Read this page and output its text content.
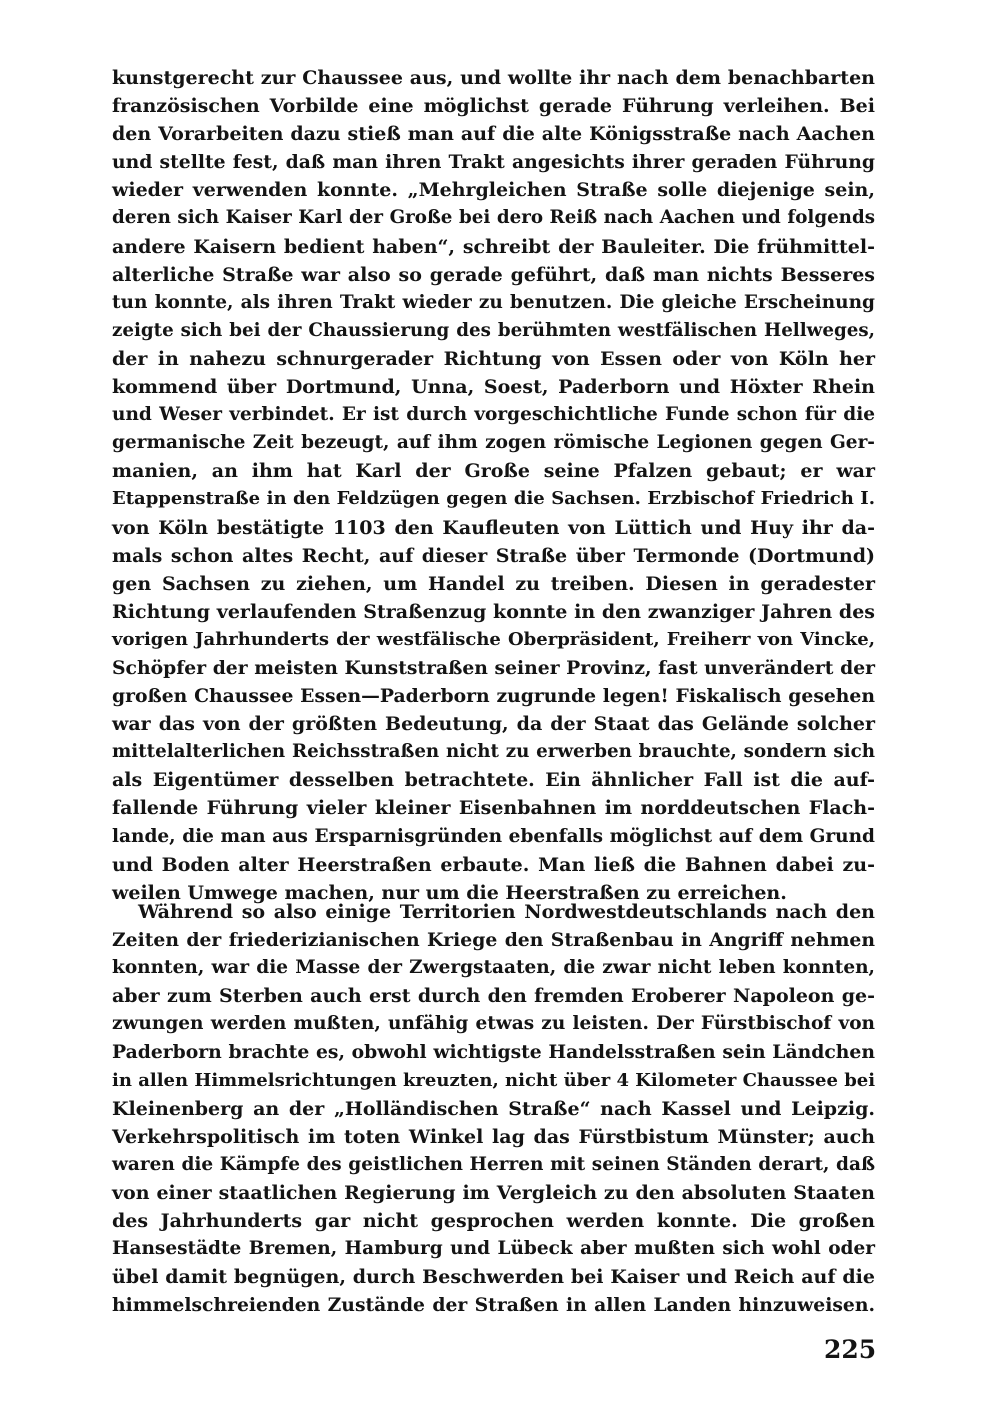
kunstgerecht zur Chaussee aus, und wollte ihr nach dem benachbarten
französischen Vorbilde eine möglichst gerade Führung verleihen. Bei
den Vorarbeiten dazu stieß man auf die alte Königsstraße nach Aachen
und stellte fest, daß man ihren Trakt angesichts ihrer geraden Führung
wieder verwenden konnte. „Mehrgleichen Straße solle diejenige sein,
deren sich Kaiser Karl der Große bei dero Reiß nach Aachen und folgends
andere Kaisern bedient haben“, schreibt der Bauleiter. Die frühmittel-
alterliche Straße war also so gerade geführt, daß man nichts Besseres
tun konnte, als ihren Trakt wieder zu benutzen. Die gleiche Erscheinung
zeigte sich bei der Chaussierung des berühmten westfälischen Hellweges,
der in nahezu schnurgerader Richtung von Essen oder von Köln her
kommend über Dortmund, Unna, Soest, Paderborn und Höxter Rhein
und Weser verbindet. Er ist durch vorgeschichtliche Funde schon für die
germanische Zeit bezeugt, auf ihm zogen römische Legionen gegen Ger-
manien, an ihm hat Karl der Große seine Pfalzen gebaut; er war
Etappenstraße in den Feldzügen gegen die Sachsen. Erzbischof Friedrich I.
von Köln bestätigte 1103 den Kaufleuten von Lüttich und Huy ihr da-
mals schon altes Recht, auf dieser Straße über Termonde (Dortmund)
gen Sachsen zu ziehen, um Handel zu treiben. Diesen in geradester
Richtung verlaufenden Straßenzug konnte in den zwanziger Jahren des
vorigen Jahrhunderts der westfälische Oberpräsident, Freiherr von Vincke,
Schöpfer der meisten Kunststraßen seiner Provinz, fast unverändert der
großen Chaussee Essen—Paderborn zugrunde legen! Fiskalisch gesehen
war das von der größten Bedeutung, da der Staat das Gelände solcher
mittelalterlichen Reichsstraßen nicht zu erwerben brauchte, sondern sich
als Eigentümer desselben betrachtete. Ein ähnlicher Fall ist die auf-
fallende Führung vieler kleiner Eisenbahnen im norddeutschen Flach-
lande, die man aus Ersparnisgründen ebenfalls möglichst auf dem Grund
und Boden alter Heerstraßen erbaute. Man ließ die Bahnen dabei zu-
weilen Umwege machen, nur um die Heerstraßen zu erreichen.
Während so also einige Territorien Nordwestdeutschlands nach den
Zeiten der friederizianischen Kriege den Straßenbau in Angriff nehmen
konnten, war die Masse der Zwergstaaten, die zwar nicht leben konnten,
aber zum Sterben auch erst durch den fremden Eroberer Napoleon ge-
zwungen werden mußten, unfähig etwas zu leisten. Der Fürstbischof von
Paderborn brachte es, obwohl wichtigste Handelsstraßen sein Ländchen
in allen Himmelsrichtungen kreuzten, nicht über 4 Kilometer Chaussee bei
Kleinenberg an der „Holländischen Straße“ nach Kassel und Leipzig.
Verkehrspolitisch im toten Winkel lag das Fürstbistum Münster; auch
waren die Kämpfe des geistlichen Herren mit seinen Ständen derart, daß
von einer staatlichen Regierung im Vergleich zu den absoluten Staaten
des Jahrhunderts gar nicht gesprochen werden konnte. Die großen
Hansestädte Bremen, Hamburg und Lübeck aber mußten sich wohl oder
übel damit begnügen, durch Beschwerden bei Kaiser und Reich auf die
himmelschreienden Zustände der Straßen in allen Landen hinzuweisen.
225
